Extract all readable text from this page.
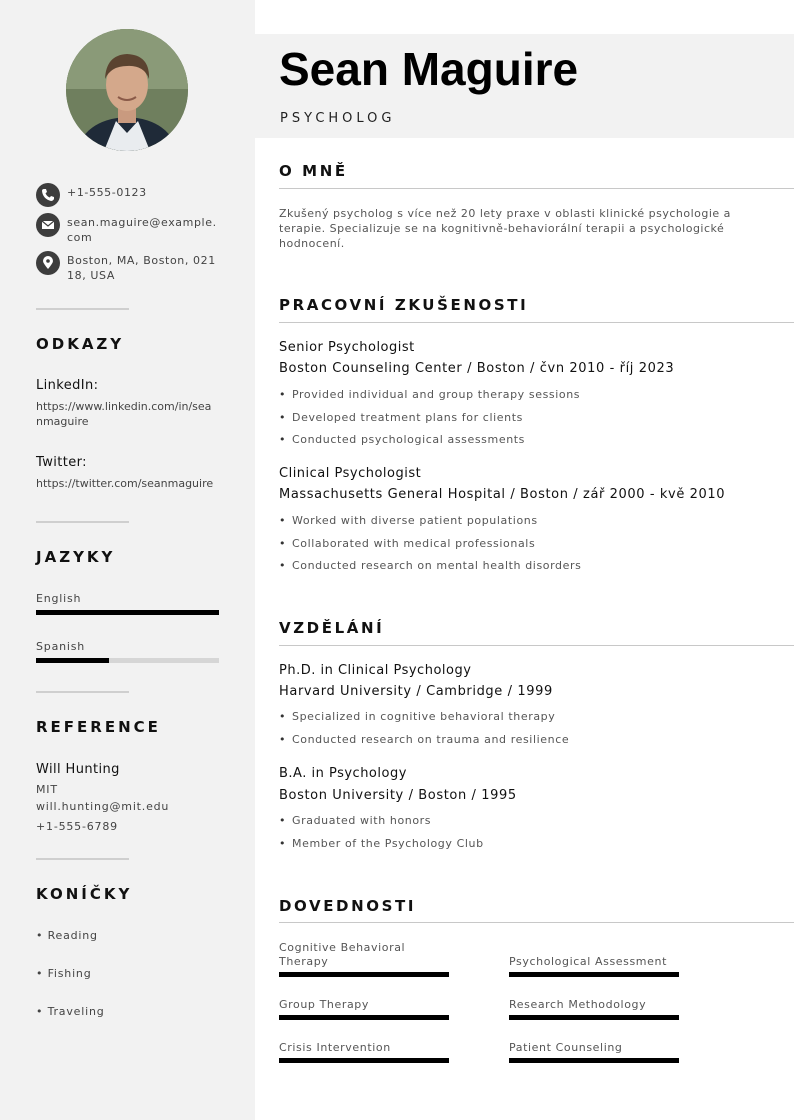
+1-555-0123
sean.maguire@example.com
Boston, MA, Boston, 02118, USA
ODKAZY
LinkedIn:
https://www.linkedin.com/in/seanmaguire
Twitter:
https://twitter.com/seanmaguire
JAZYKY
English
Spanish
REFERENCE
Will Hunting
MIT
will.hunting@mit.edu
+1-555-6789
KONÍČKY
• Reading
• Fishing
• Traveling
Sean Maguire
PSYCHOLOG
O MNĚ
Zkušený psycholog s více než 20 lety praxe v oblasti klinické psychologie a terapie. Specializuje se na kognitivně-behaviorální terapii a psychologické hodnocení.
PRACOVNÍ ZKUŠENOSTI
Senior Psychologist
Boston Counseling Center / Boston / čvn 2010 - říj 2023
• Provided individual and group therapy sessions
• Developed treatment plans for clients
• Conducted psychological assessments
Clinical Psychologist
Massachusetts General Hospital / Boston / zář 2000 - kvě 2010
• Worked with diverse patient populations
• Collaborated with medical professionals
• Conducted research on mental health disorders
VZDĚLÁNÍ
Ph.D. in Clinical Psychology
Harvard University / Cambridge / 1999
• Specialized in cognitive behavioral therapy
• Conducted research on trauma and resilience
B.A. in Psychology
Boston University / Boston / 1995
• Graduated with honors
• Member of the Psychology Club
DOVEDNOSTI
Cognitive Behavioral Therapy	Psychological Assessment
Group Therapy	Research Methodology
Crisis Intervention	Patient Counseling
